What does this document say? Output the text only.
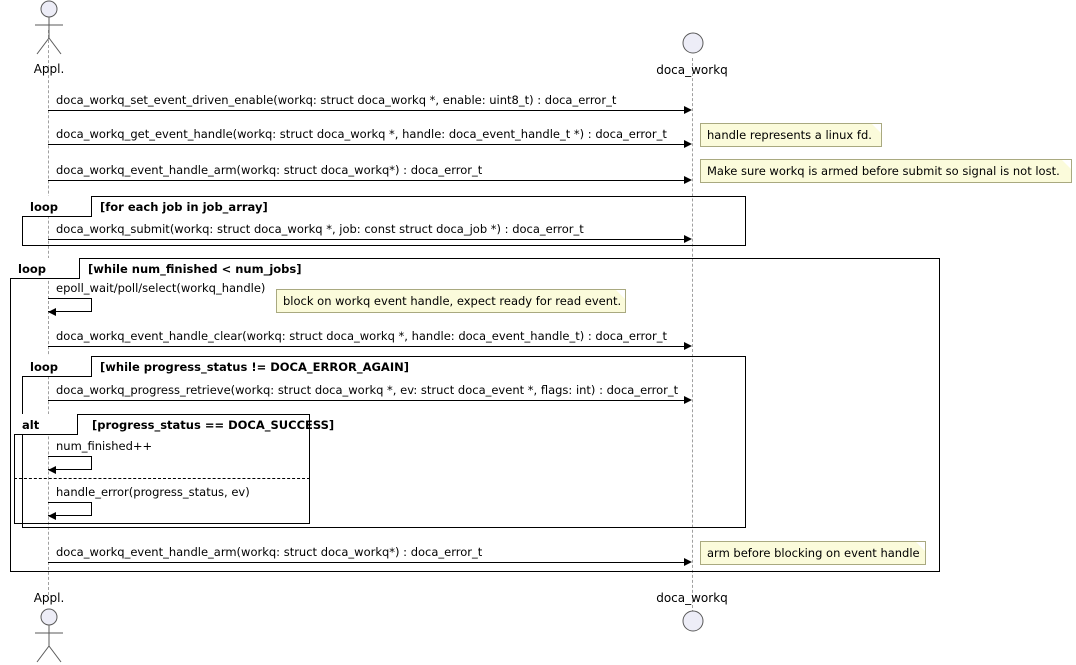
Appl.	doca_workq
doca_workq_set_event_driven_enable(workq: struct doca_workq *, enable: uint8_t) : doca_error_t
doca_workq_get_event_handle(workq: struct doca_workq *, handle: doca_event_handle_t *) : doca_error_t	handle represents a linux fd.
doca_workq_event_handle_arm(workq: struct doca_workq*) : doca_error_t	Make sure workq is armed before submit so signal is not lost.
loop	[for each job in job_array]
doca_workq_submit(workq: struct doca_workq *, job: const struct doca_job *) : doca_error_t
loop	[while num_finished < num_jobs]
epoll_wait/poll/select(workq_handle)
block on workq event handle, expect ready for read event.
doca_workq_event_handle_clear(workq: struct doca_workq *, handle: doca_event_handle_t) : doca_error_t
loop	[while progress_status != DOCA_ERROR_AGAIN]
doca_workq_progress_retrieve(workq: struct doca_workq *, ev: struct doca_event *, flags: int) : doca_error_t
alt	[progress_status == DOCA_SUCCESS]
num_finished++
handle_error(progress_status, ev)
doca_workq_event_handle_arm(workq: struct doca_workq*) : doca_error_t	arm before blocking on event handle
Appl.	doca_workq
